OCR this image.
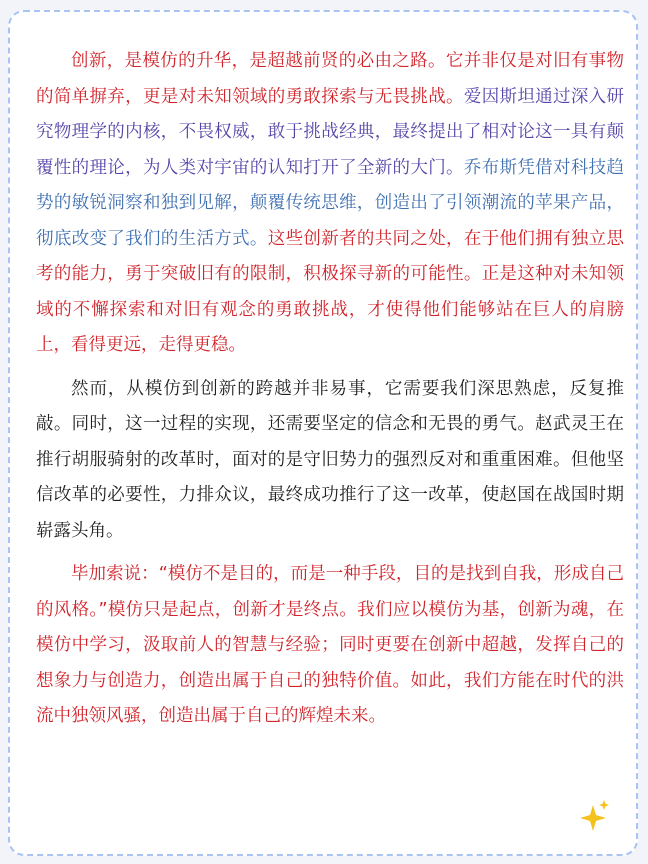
创新，是模仿的升华，是超越前贤的必由之路。它并非仅是对旧有事物的简单摒弃，更是对未知领域的勇敢探索与无畏挑战。爱因斯坦通过深入研究物理学的内核，不畏权威，敢于挑战经典，最终提出了相对论这一具有颠覆性的理论，为人类对宇宙的认知打开了全新的大门。乔布斯凭借对科技趋势的敏锐洞察和独到见解，颠覆传统思维，创造出了引领潮流的苹果产品，彻底改变了我们的生活方式。这些创新者的共同之处，在于他们拥有独立思考的能力，勇于突破旧有的限制，积极探寻新的可能性。正是这种对未知领域的不懈探索和对旧有观念的勇敢挑战，才使得他们能够站在巨人的肩膀上，看得更远，走得更稳。

然而，从模仿到创新的跨越并非易事，它需要我们深思熟虑，反复推敲。同时，这一过程的实现，还需要坚定的信念和无畏的勇气。赵武灵王在推行胡服骑射的改革时，面对的是守旧势力的强烈反对和重重困难。但他坚信改革的必要性，力排众议，最终成功推行了这一改革，使赵国在战国时期崭露头角。

毕加索说：“模仿不是目的，而是一种手段，目的是找到自我，形成自己的风格。”模仿只是起点，创新才是终点。我们应以模仿为基，创新为魂，在模仿中学习，汲取前人的智慧与经验；同时更要在创新中超越，发挥自己的想象力与创造力，创造出属于自己的独特价值。如此，我们方能在时代的洪流中独领风骚，创造出属于自己的辉煌未来。
